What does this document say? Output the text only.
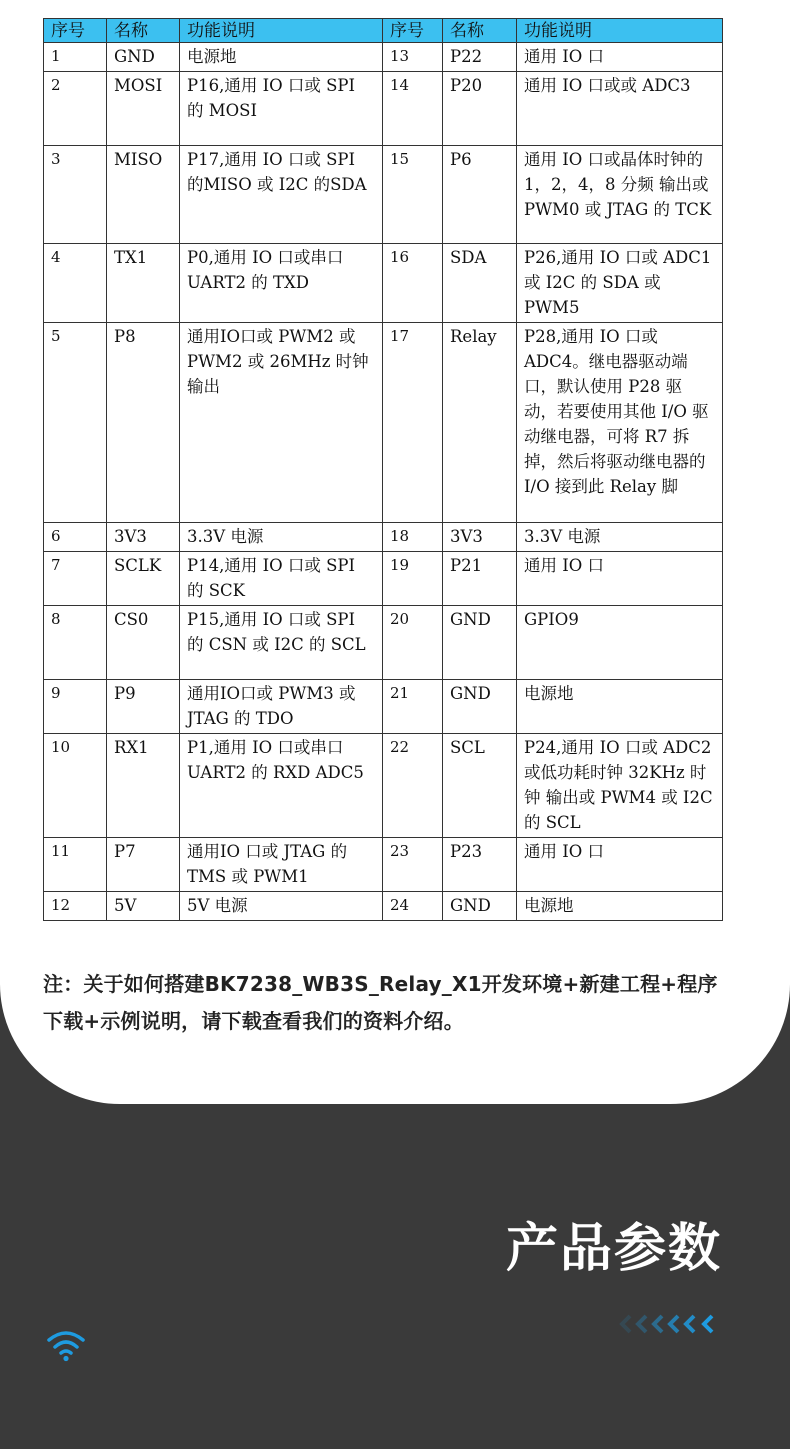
序号	名称	功能说明	序号	名称	功能说明
1	GND	电源地	13	P22	通用 IO 口
2	MOSI	P16,通用 IO 口或 SPI 的 MOSI	14	P20	通用 IO 口或或 ADC3
3	MISO	P17,通用 IO 口或 SPI 的MISO 或 I2C 的SDA	15	P6	通用 IO 口或晶体时钟的 1，2，4，8 分频 输出或 PWM0 或 JTAG 的 TCK
4	TX1	P0,通用 IO 口或串口 UART2 的 TXD	16	SDA	P26,通用 IO 口或 ADC1 或 I2C 的 SDA 或 PWM5
5	P8	通用IO口或 PWM2 或 PWM2 或 26MHz 时钟输出	17	Relay	P28,通用 IO 口或 ADC4。继电器驱动端口，默认使用 P28 驱动，若要使用其他 I/O 驱动继电器，可将 R7 拆掉，然后将驱动继电器的 I/O 接到此 Relay 脚
6	3V3	3.3V 电源	18	3V3	3.3V 电源
7	SCLK	P14,通用 IO 口或 SPI 的 SCK	19	P21	通用 IO 口
8	CS0	P15,通用 IO 口或 SPI 的 CSN 或 I2C 的 SCL	20	GND	GPIO9
9	P9	通用IO口或 PWM3 或 JTAG 的 TDO	21	GND	电源地
10	RX1	P1,通用 IO 口或串口 UART2 的 RXD ADC5	22	SCL	P24,通用 IO 口或 ADC2 或低功耗时钟 32KHz 时钟 输出或 PWM4 或 I2C 的 SCL
11	P7	通用IO 口或 JTAG 的 TMS 或 PWM1	23	P23	通用 IO 口
12	5V	5V 电源	24	GND	电源地
注：关于如何搭建BK7238_WB3S_Relay_X1开发环境+新建工程+程序下载+示例说明，请下载查看我们的资料介绍。
产品参数
